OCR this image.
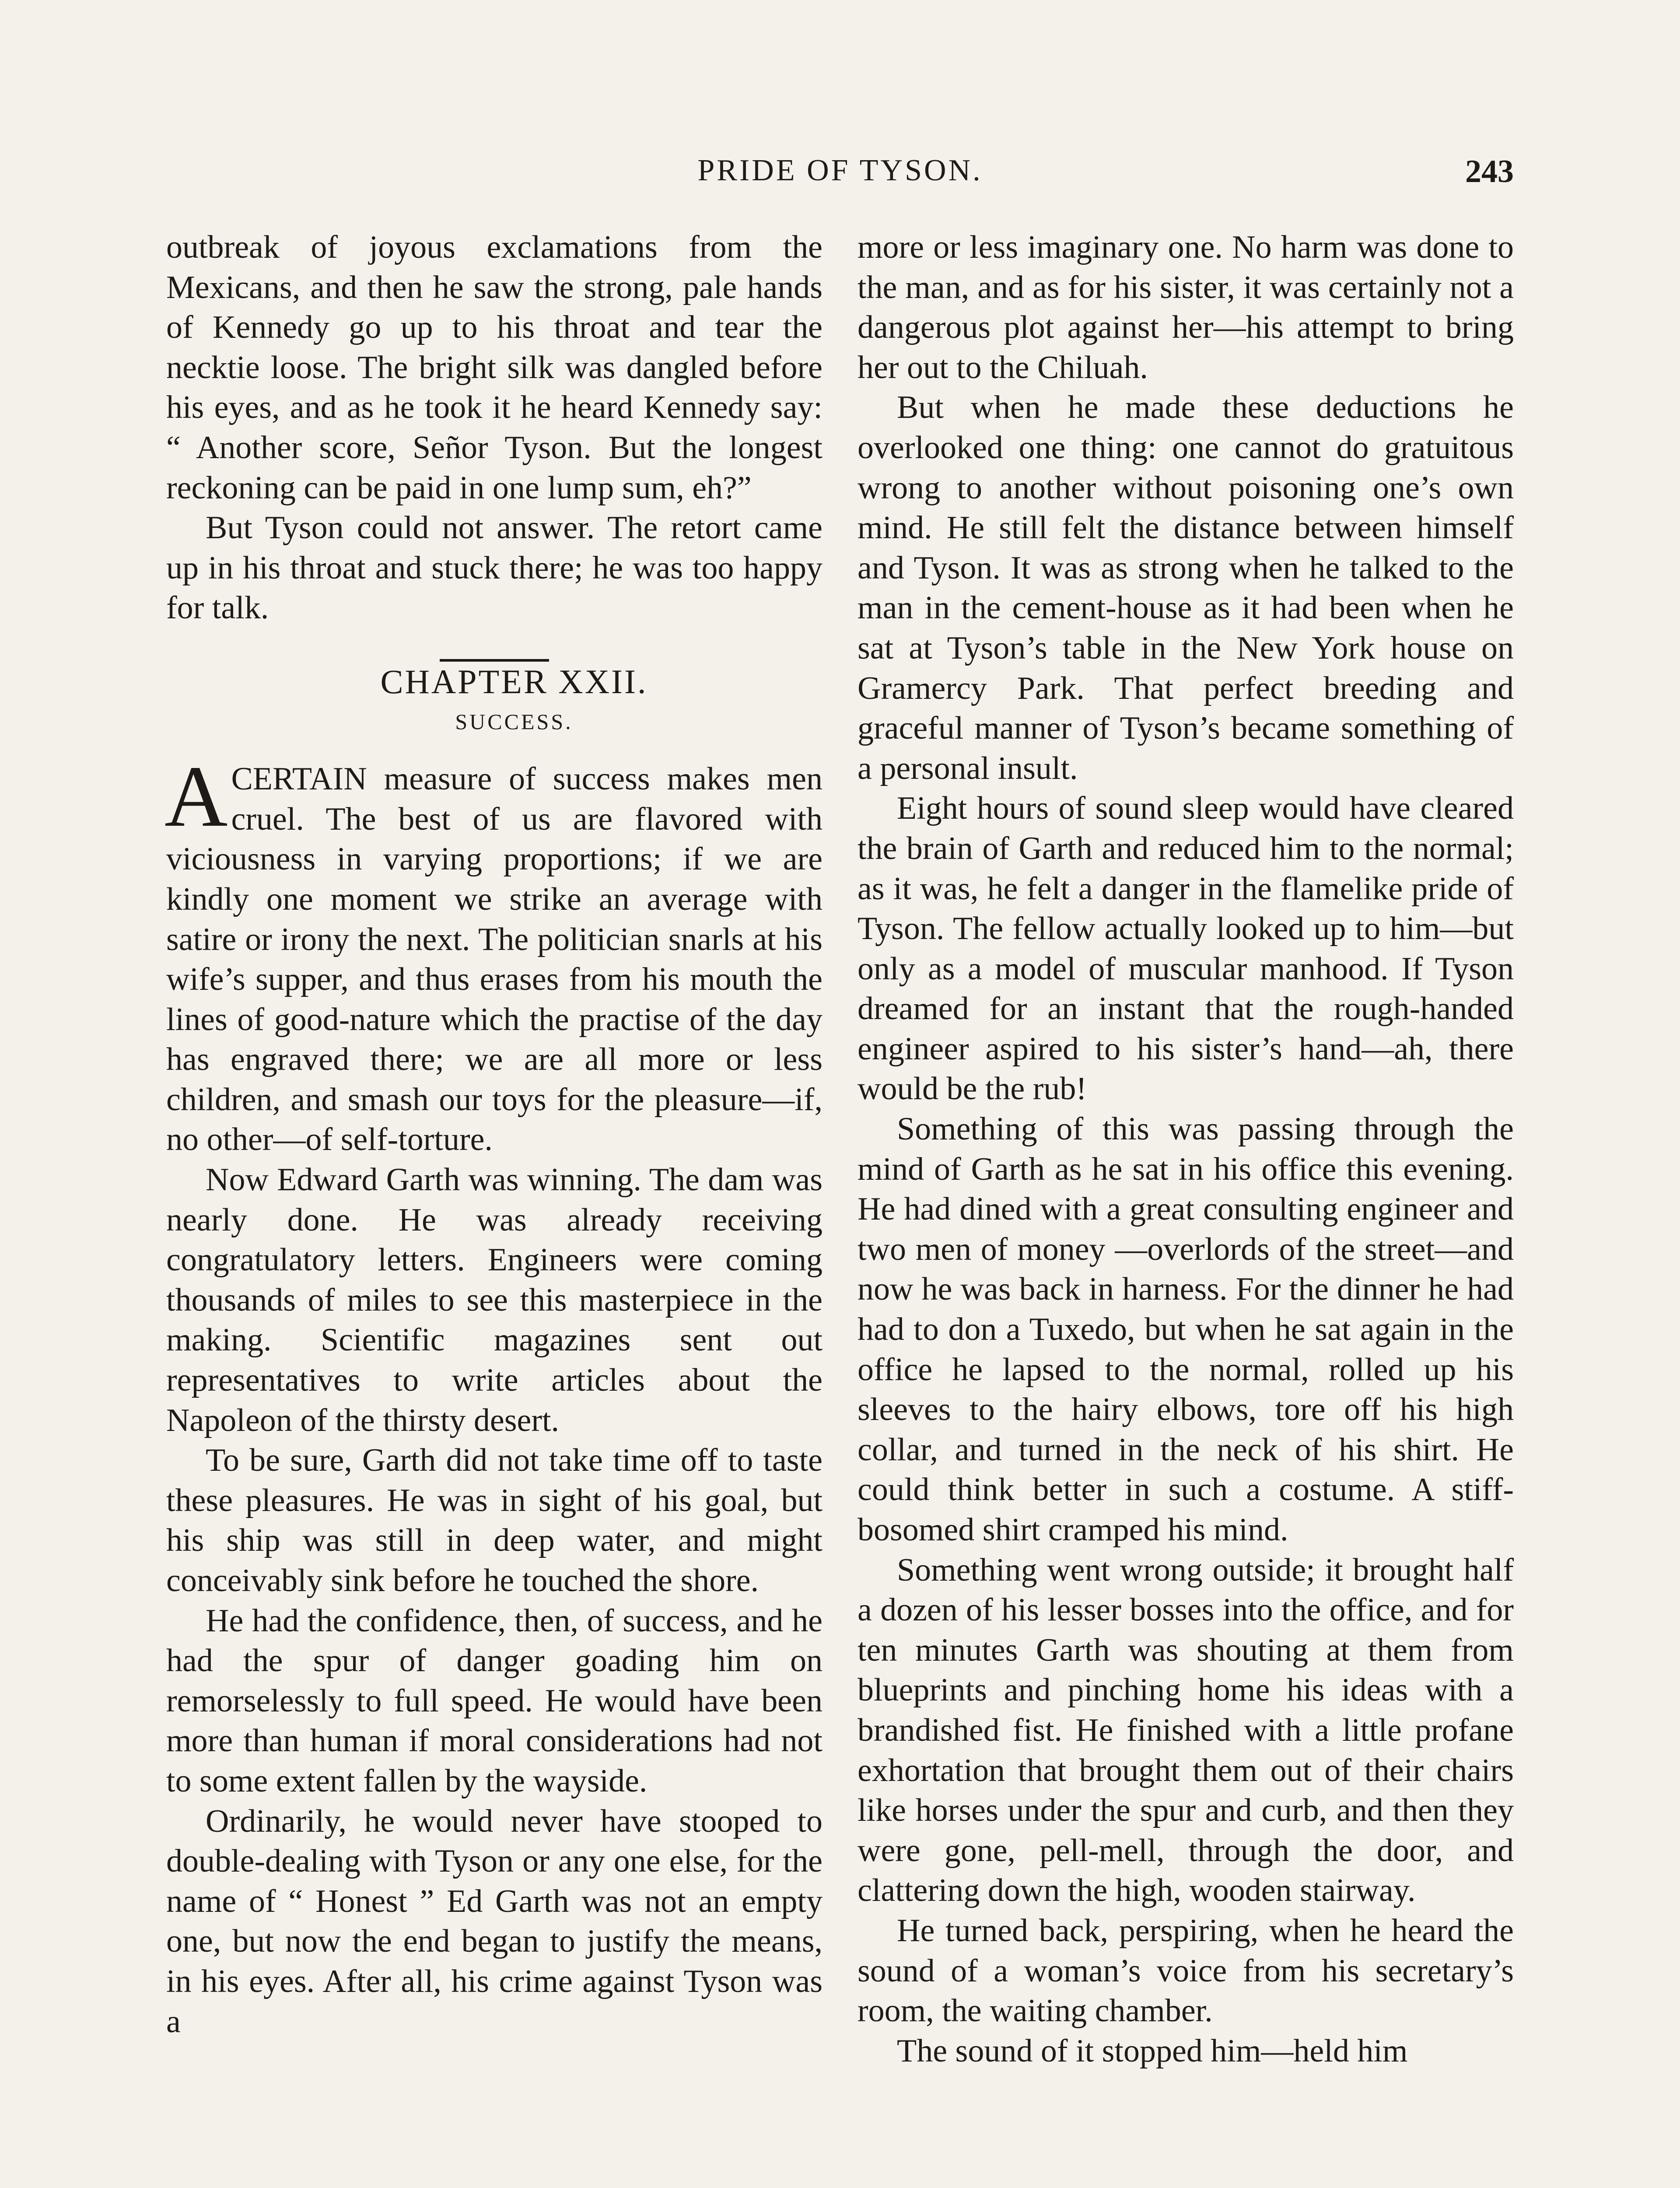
PRIDE OF TYSON.	243

outbreak of joyous exclamations from the Mexicans, and then he saw the strong, pale hands of Kennedy go up to his throat and tear the necktie loose. The bright silk was dangled before his eyes, and as he took it he heard Kennedy say: “ Another score, Señor Tyson. But the longest reckoning can be paid in one lump sum, eh?”

But Tyson could not answer. The retort came up in his throat and stuck there; he was too happy for talk.

CHAPTER XXII.

SUCCESS.

ACERTAIN measure of success makes men cruel. The best of us are flavored with viciousness in varying proportions; if we are kindly one moment we strike an average with satire or irony the next. The politician snarls at his wife’s supper, and thus erases from his mouth the lines of good-nature which the practise of the day has engraved there; we are all more or less children, and smash our toys for the pleasure—if, no other—of self-torture.

Now Edward Garth was winning. The dam was nearly done. He was already receiving congratulatory letters. Engineers were coming thousands of miles to see this masterpiece in the making. Scientific magazines sent out representatives to write articles about the Napoleon of the thirsty desert.

To be sure, Garth did not take time off to taste these pleasures. He was in sight of his goal, but his ship was still in deep water, and might conceivably sink before he touched the shore.

He had the confidence, then, of success, and he had the spur of danger goading him on remorselessly to full speed. He would have been more than human if moral considerations had not to some extent fallen by the wayside.

Ordinarily, he would never have stooped to double-dealing with Tyson or any one else, for the name of “ Honest ” Ed Garth was not an empty one, but now the end began to justify the means, in his eyes. After all, his crime against Tyson was a

more or less imaginary one. No harm was done to the man, and as for his sister, it was certainly not a dangerous plot against her—his attempt to bring her out to the Chiluah.

But when he made these deductions he overlooked one thing: one cannot do gratuitous wrong to another without poisoning one’s own mind. He still felt the distance between himself and Tyson. It was as strong when he talked to the man in the cement-house as it had been when he sat at Tyson’s table in the New York house on Gramercy Park. That perfect breeding and graceful manner of Tyson’s became something of a personal insult.

Eight hours of sound sleep would have cleared the brain of Garth and reduced him to the normal; as it was, he felt a danger in the flamelike pride of Tyson. The fellow actually looked up to him—but only as a model of muscular manhood. If Tyson dreamed for an instant that the rough-handed engineer aspired to his sister’s hand—ah, there would be the rub!

Something of this was passing through the mind of Garth as he sat in his office this evening. He had dined with a great consulting engineer and two men of money —overlords of the street—and now he was back in harness. For the dinner he had had to don a Tuxedo, but when he sat again in the office he lapsed to the normal, rolled up his sleeves to the hairy elbows, tore off his high collar, and turned in the neck of his shirt. He could think better in such a costume. A stiff-bosomed shirt cramped his mind.

Something went wrong outside; it brought half a dozen of his lesser bosses into the office, and for ten minutes Garth was shouting at them from blueprints and pinching home his ideas with a brandished fist. He finished with a little profane exhortation that brought them out of their chairs like horses under the spur and curb, and then they were gone, pell-mell, through the door, and clattering down the high, wooden stairway.

He turned back, perspiring, when he heard the sound of a woman’s voice from his secretary’s room, the waiting chamber.

The sound of it stopped him—held him
